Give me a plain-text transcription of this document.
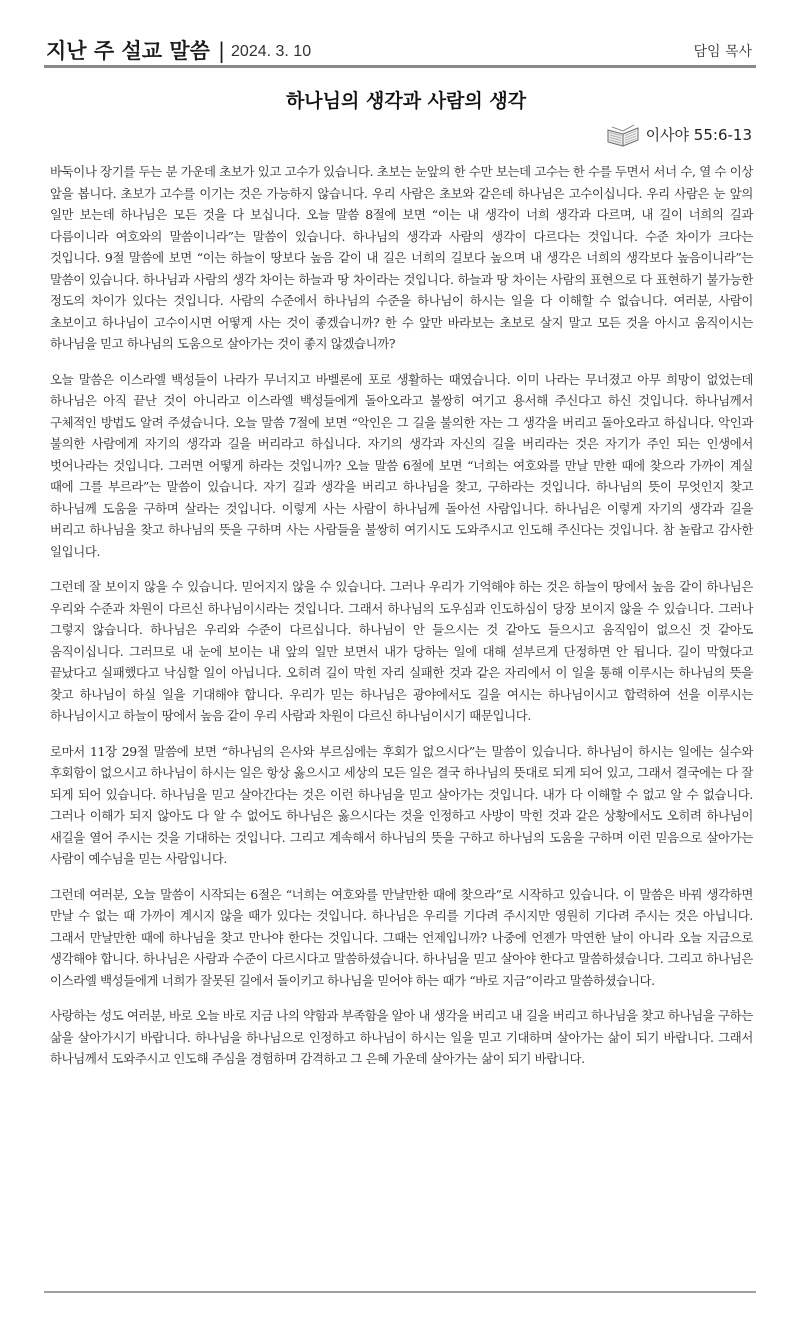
지난 주 설교 말씀 | 2024. 3. 10	담임 목사
하나님의 생각과 사람의 생각
이사야 55:6-13

바둑이나 장기를 두는 분 가운데 초보가 있고 고수가 있습니다. 초보는 눈앞의 한 수만 보는데 고수는 한 수를 두면서 서너 수, 열 수 이상 앞을 봅니다. 초보가 고수를 이기는 것은 가능하지 않습니다. 우리 사람은 초보와 같은데 하나님은 고수이십니다. 우리 사람은 눈 앞의 일만 보는데 하나님은 모든 것을 다 보십니다. 오늘 말씀 8절에 보면 “이는 내 생각이 너희 생각과 다르며, 내 길이 너희의 길과 다름이니라 여호와의 말씀이니라”는 말씀이 있습니다. 하나님의 생각과 사람의 생각이 다르다는 것입니다. 수준 차이가 크다는 것입니다. 9절 말씀에 보면 “이는 하늘이 땅보다 높음 같이 내 길은 너희의 길보다 높으며 내 생각은 너희의 생각보다 높음이니라”는 말씀이 있습니다. 하나님과 사람의 생각 차이는 하늘과 땅 차이라는 것입니다. 하늘과 땅 차이는 사람의 표현으로 다 표현하기 불가능한 정도의 차이가 있다는 것입니다. 사람의 수준에서 하나님의 수준을 하나님이 하시는 일을 다 이해할 수 없습니다. 여러분, 사람이 초보이고 하나님이 고수이시면 어떻게 사는 것이 좋겠습니까? 한 수 앞만 바라보는 초보로 살지 말고 모든 것을 아시고 움직이시는 하나님을 믿고 하나님의 도움으로 살아가는 것이 좋지 않겠습니까?

오늘 말씀은 이스라엘 백성들이 나라가 무너지고 바벨론에 포로 생활하는 때였습니다. 이미 나라는 무너졌고 아무 희망이 없었는데 하나님은 아직 끝난 것이 아니라고 이스라엘 백성들에게 돌아오라고 불쌍히 여기고 용서해 주신다고 하신 것입니다. 하나님께서 구체적인 방법도 알려 주셨습니다. 오늘 말씀 7절에 보면 “악인은 그 길을 불의한 자는 그 생각을 버리고 돌아오라고 하십니다. 악인과 불의한 사람에게 자기의 생각과 길을 버리라고 하십니다. 자기의 생각과 자신의 길을 버리라는 것은 자기가 주인 되는 인생에서 벗어나라는 것입니다. 그러면 어떻게 하라는 것입니까? 오늘 말씀 6절에 보면 “너희는 여호와를 만날 만한 때에 찾으라 가까이 계실 때에 그를 부르라”는 말씀이 있습니다. 자기 길과 생각을 버리고 하나님을 찾고, 구하라는 것입니다. 하나님의 뜻이 무엇인지 찾고 하나님께 도움을 구하며 살라는 것입니다. 이렇게 사는 사람이 하나님께 돌아선 사람입니다. 하나님은 이렇게 자기의 생각과 길을 버리고 하나님을 찾고 하나님의 뜻을 구하며 사는 사람들을 불쌍히 여기시도 도와주시고 인도해 주신다는 것입니다. 참 놀랍고 감사한 일입니다.

그런데 잘 보이지 않을 수 있습니다. 믿어지지 않을 수 있습니다. 그러나 우리가 기억해야 하는 것은 하늘이 땅에서 높음 같이 하나님은 우리와 수준과 차원이 다르신 하나님이시라는 것입니다. 그래서 하나님의 도우심과 인도하심이 당장 보이지 않을 수 있습니다. 그러나 그렇지 않습니다. 하나님은 우리와 수준이 다르십니다. 하나님이 안 들으시는 것 같아도 들으시고 움직임이 없으신 것 같아도 움직이십니다. 그러므로 내 눈에 보이는 내 앞의 일만 보면서 내가 당하는 일에 대해 섣부르게 단정하면 안 됩니다. 길이 막혔다고 끝났다고 실패했다고 낙심할 일이 아닙니다. 오히려 길이 막힌 자리 실패한 것과 같은 자리에서 이 일을 통해 이루시는 하나님의 뜻을 찾고 하나님이 하실 일을 기대해야 합니다. 우리가 믿는 하나님은 광야에서도 길을 여시는 하나님이시고 합력하여 선을 이루시는 하나님이시고 하늘이 땅에서 높음 같이 우리 사람과 차원이 다르신 하나님이시기 때문입니다.

로마서 11장 29절 말씀에 보면 “하나님의 은사와 부르심에는 후회가 없으시다”는 말씀이 있습니다. 하나님이 하시는 일에는 실수와 후회함이 없으시고 하나님이 하시는 일은 항상 옳으시고 세상의 모든 일은 결국 하나님의 뜻대로 되게 되어 있고, 그래서 결국에는 다 잘 되게 되어 있습니다. 하나님을 믿고 살아간다는 것은 이런 하나님을 믿고 살아가는 것입니다. 내가 다 이해할 수 없고 알 수 없습니다. 그러나 이해가 되지 않아도 다 알 수 없어도 하나님은 옳으시다는 것을 인정하고 사방이 막힌 것과 같은 상황에서도 오히려 하나님이 새길을 열어 주시는 것을 기대하는 것입니다. 그리고 계속해서 하나님의 뜻을 구하고 하나님의 도움을 구하며 이런 믿음으로 살아가는 사람이 예수님을 믿는 사람입니다.

그런데 여러분, 오늘 말씀이 시작되는 6절은 “너희는 여호와를 만날만한 때에 찾으라”로 시작하고 있습니다. 이 말씀은 바꿔 생각하면 만날 수 없는 때 가까이 계시지 않을 때가 있다는 것입니다. 하나님은 우리를 기다려 주시지만 영원히 기다려 주시는 것은 아닙니다. 그래서 만날만한 때에 하나님을 찾고 만나야 한다는 것입니다. 그때는 언제입니까? 나중에 언젠가 막연한 날이 아니라 오늘 지금으로 생각해야 합니다. 하나님은 사람과 수준이 다르시다고 말씀하셨습니다. 하나님을 믿고 살아야 한다고 말씀하셨습니다. 그리고 하나님은 이스라엘 백성들에게 너희가 잘못된 길에서 돌이키고 하나님을 믿어야 하는 때가 “바로 지금”이라고 말씀하셨습니다.

사랑하는 성도 여러분, 바로 오늘 바로 지금 나의 약함과 부족함을 알아 내 생각을 버리고 내 길을 버리고 하나님을 찾고 하나님을 구하는 삶을 살아가시기 바랍니다. 하나님을 하나님으로 인정하고 하나님이 하시는 일을 믿고 기대하며 살아가는 삶이 되기 바랍니다. 그래서 하나님께서 도와주시고 인도해 주심을 경험하며 감격하고 그 은혜 가운데 살아가는 삶이 되기 바랍니다.
